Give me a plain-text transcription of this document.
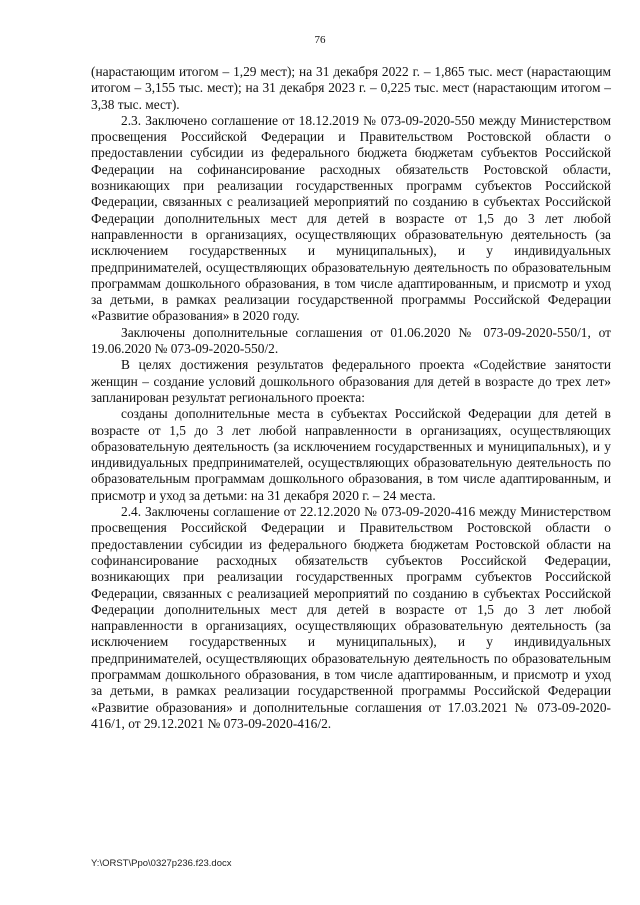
76

(нарастающим итогом – 1,29 мест); на 31 декабря 2022 г. – 1,865 тыс. мест (нарастающим итогом – 3,155 тыс. мест); на 31 декабря 2023 г. – 0,225 тыс. мест (нарастающим итогом – 3,38 тыс. мест).

2.3. Заключено соглашение от 18.12.2019 № 073-09-2020-550 между Министерством просвещения Российской Федерации и Правительством Ростовской области о предоставлении субсидии из федерального бюджета бюджетам субъектов Российской Федерации на софинансирование расходных обязательств Ростовской области, возникающих при реализации государственных программ субъектов Российской Федерации, связанных с реализацией мероприятий по созданию в субъектах Российской Федерации дополнительных мест для детей в возрасте от 1,5 до 3 лет любой направленности в организациях, осуществляющих образовательную деятельность (за исключением государственных и муниципальных), и у индивидуальных предпринимателей, осуществляющих образовательную деятельность по образовательным программам дошкольного образования, в том числе адаптированным, и присмотр и уход за детьми, в рамках реализации государственной программы Российской Федерации «Развитие образования» в 2020 году.

Заключены дополнительные соглашения от 01.06.2020 № 073-09-2020-550/1, от 19.06.2020 № 073-09-2020-550/2.

В целях достижения результатов федерального проекта «Содействие занятости женщин – создание условий дошкольного образования для детей в возрасте до трех лет» запланирован результат регионального проекта:

созданы дополнительные места в субъектах Российской Федерации для детей в возрасте от 1,5 до 3 лет любой направленности в организациях, осуществляющих образовательную деятельность (за исключением государственных и муниципальных), и у индивидуальных предпринимателей, осуществляющих образовательную деятельность по образовательным программам дошкольного образования, в том числе адаптированным, и присмотр и уход за детьми: на 31 декабря 2020 г. – 24 места.

2.4. Заключены соглашение от 22.12.2020 № 073-09-2020-416 между Министерством просвещения Российской Федерации и Правительством Ростовской области о предоставлении субсидии из федерального бюджета бюджетам Ростовской области на софинансирование расходных обязательств субъектов Российской Федерации, возникающих при реализации государственных программ субъектов Российской Федерации, связанных с реализацией мероприятий по созданию в субъектах Российской Федерации дополнительных мест для детей в возрасте от 1,5 до 3 лет любой направленности в организациях, осуществляющих образовательную деятельность (за исключением государственных и муниципальных), и у индивидуальных предпринимателей, осуществляющих образовательную деятельность по образовательным программам дошкольного образования, в том числе адаптированным, и присмотр и уход за детьми, в рамках реализации государственной программы Российской Федерации «Развитие образования» и дополнительные соглашения от 17.03.2021 № 073-09-2020-416/1, от 29.12.2021 № 073-09-2020-416/2.

Y:\ORST\Ppo\0327p236.f23.docx
